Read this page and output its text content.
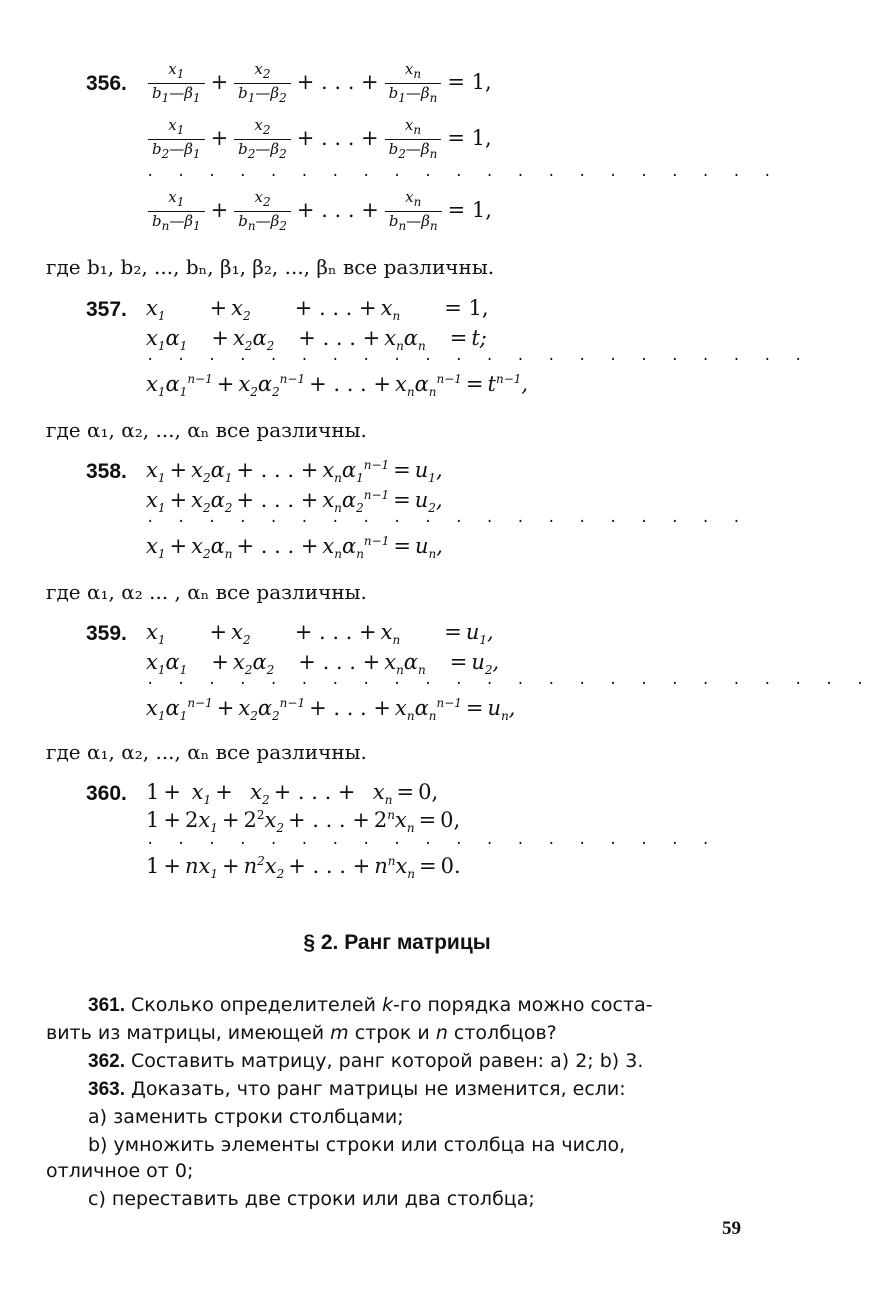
356. $\frac{x_1}{b_1—\beta_1} + \frac{x_2}{b_1—\beta_2}$ + . . . + $\frac{x_n}{b_1—\beta_n} = 1$,
$\frac{x_1}{b_2—\beta_1} + \frac{x_2}{b_2—\beta_2}$ + . . . + $\frac{x_n}{b_2—\beta_n} = 1$,
· · · · · · · · · · · · · · · · · · · · ·
$\frac{x_1}{b_n—\beta_1} + \frac{x_2}{b_n—\beta_2}$ + . . . + $\frac{x_n}{b_n—\beta_n} = 1$,
где b₁, b₂, ..., bₙ, β₁, β₂, ..., βₙ все различны.
357. $x_1 + x_2$ + . . . + $x_n = 1$,
$x_1\alpha_1 + x_2\alpha_2$ + . . . + $x_n\alpha_n = t$;
· · · · · · · · · · · · · · · · · · · · · ·
$x_1\alpha_1^{n-1} + x_2\alpha_2^{n-1}$ + . . . + $x_n\alpha_n^{n-1} = t^{n-1}$,
где α₁, α₂, ..., αₙ все различны.
358. $x_1 + x_2\alpha_1$ + . . . + $x_n\alpha_1^{n-1} = u_1$,
$x_1 + x_2\alpha_2$ + . . . + $x_n\alpha_2^{n-1} = u_2$,
· · · · · · · · · · · · · · · · · · · ·
$x_1 + x_2\alpha_n$ + . . . + $x_n\alpha_n^{n-1} = u_n$,
где α₁, α₂ ... , αₙ все различны.
359. $x_1 + x_2$ + . . . + $x_n = u_1$,
$x_1\alpha_1 + x_2\alpha_2$ + . . . + $x_n\alpha_n = u_2$,
· · · · · · · · · · · · · · · · · · · · · · · ·
$x_1\alpha_1^{n-1} + x_2\alpha_2^{n-1}$ + . . . + $x_n\alpha_n^{n-1} = u_n$,
где α₁, α₂, ..., αₙ все различны.
360. $1 + x_1 + x_2$ + . . . +  $x_n = 0$,
$1 + 2x_1 + 2^2x_2$ + . . . + $2^nx_n = 0$,
· · · · · · · · · · · · · · · · · · ·
$1 + nx_1 + n^2x_2$ + . . . + $n^nx_n = 0$.
§ 2. Ранг матрицы
361. Сколько определителей k-го порядка можно соста-
вить из матрицы, имеющей m строк и n столбцов?
362. Составить матрицу, ранг которой равен: a) 2; b) 3.
363. Доказать, что ранг матрицы не изменится, если:
a) заменить строки столбцами;
b) умножить элементы строки или столбца на число,
отличное от 0;
c) переставить две строки или два столбца;
59
